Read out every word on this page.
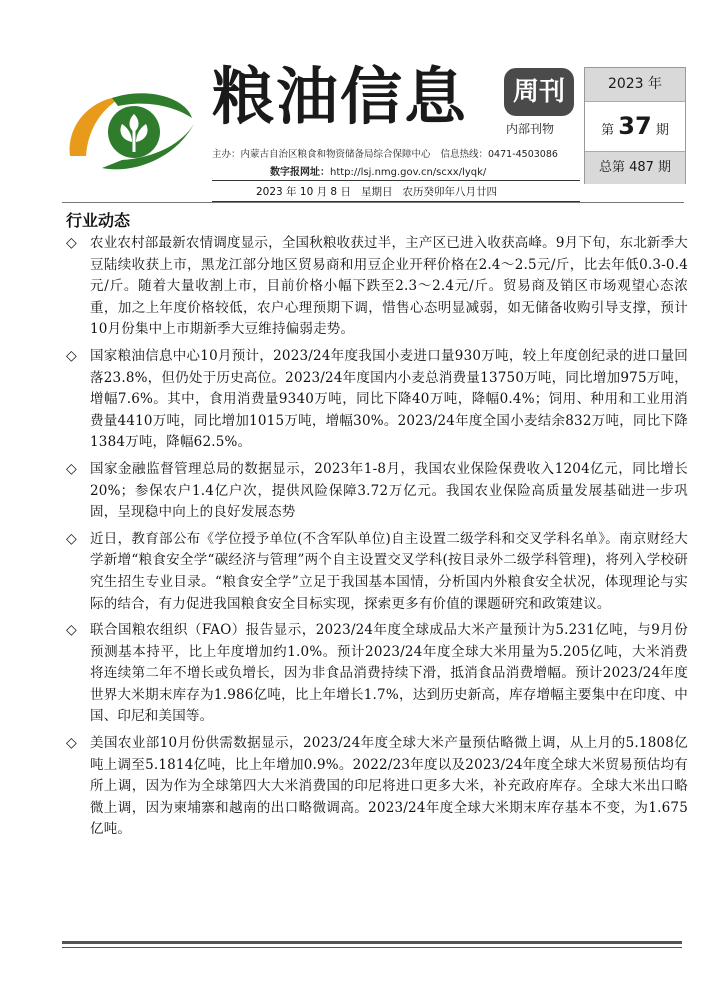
粮油信息	周刊
内部刊物
2023 年
第 37 期
总第 487 期
主办：内蒙古自治区粮食和物资储备局综合保障中心 信息热线：0471-4503086
数字报网址：http://lsj.nmg.gov.cn/scxx/lyqk/
2023 年 10 月 8 日 星期日 农历癸卯年八月廿四
行业动态
◇ 农业农村部最新农情调度显示，全国秋粮收获过半，主产区已进入收获高峰。9月下旬，东北新季大豆陆续收获上市，黑龙江部分地区贸易商和用豆企业开秤价格在2.4～2.5元/斤，比去年低0.3-0.4元/斤。随着大量收割上市，目前价格小幅下跌至2.3～2.4元/斤。贸易商及销区市场观望心态浓重，加之上年度价格较低，农户心理预期下调，惜售心态明显减弱，如无储备收购引导支撑，预计10月份集中上市期新季大豆维持偏弱走势。
◇ 国家粮油信息中心10月预计，2023/24年度我国小麦进口量930万吨，较上年度创纪录的进口量回落23.8%，但仍处于历史高位。2023/24年度国内小麦总消费量13750万吨，同比增加975万吨，增幅7.6%。其中，食用消费量9340万吨，同比下降40万吨，降幅0.4%；饲用、种用和工业用消费量4410万吨，同比增加1015万吨，增幅30%。2023/24年度全国小麦结余832万吨，同比下降1384万吨，降幅62.5%。
◇ 国家金融监督管理总局的数据显示，2023年1-8月，我国农业保险保费收入1204亿元，同比增长20%；参保农户1.4亿户次，提供风险保障3.72万亿元。我国农业保险高质量发展基础进一步巩固，呈现稳中向上的良好发展态势
◇ 近日，教育部公布《学位授予单位(不含军队单位)自主设置二级学科和交叉学科名单》。南京财经大学新增“粮食安全学“碳经济与管理”两个自主设置交叉学科(按目录外二级学科管理)，将列入学校研究生招生专业目录。“粮食安全学”立足于我国基本国情，分析国内外粮食安全状况，体现理论与实际的结合，有力促进我国粮食安全目标实现，探索更多有价值的课题研究和政策建议。
◇ 联合国粮农组织（FAO）报告显示，2023/24年度全球成品大米产量预计为5.231亿吨，与9月份预测基本持平，比上年度增加约1.0%。预计2023/24年度全球大米用量为5.205亿吨，大米消费将连续第二年不增长或负增长，因为非食品消费持续下滑，抵消食品消费增幅。预计2023/24年度世界大米期末库存为1.986亿吨，比上年增长1.7%，达到历史新高，库存增幅主要集中在印度、中国、印尼和美国等。
◇ 美国农业部10月份供需数据显示，2023/24年度全球大米产量预估略微上调，从上月的5.1808亿吨上调至5.1814亿吨，比上年增加0.9%。2022/23年度以及2023/24年度全球大米贸易预估均有所上调，因为作为全球第四大大米消费国的印尼将进口更多大米，补充政府库存。全球大米出口略微上调，因为柬埔寨和越南的出口略微调高。2023/24年度全球大米期末库存基本不变，为1.675亿吨。
